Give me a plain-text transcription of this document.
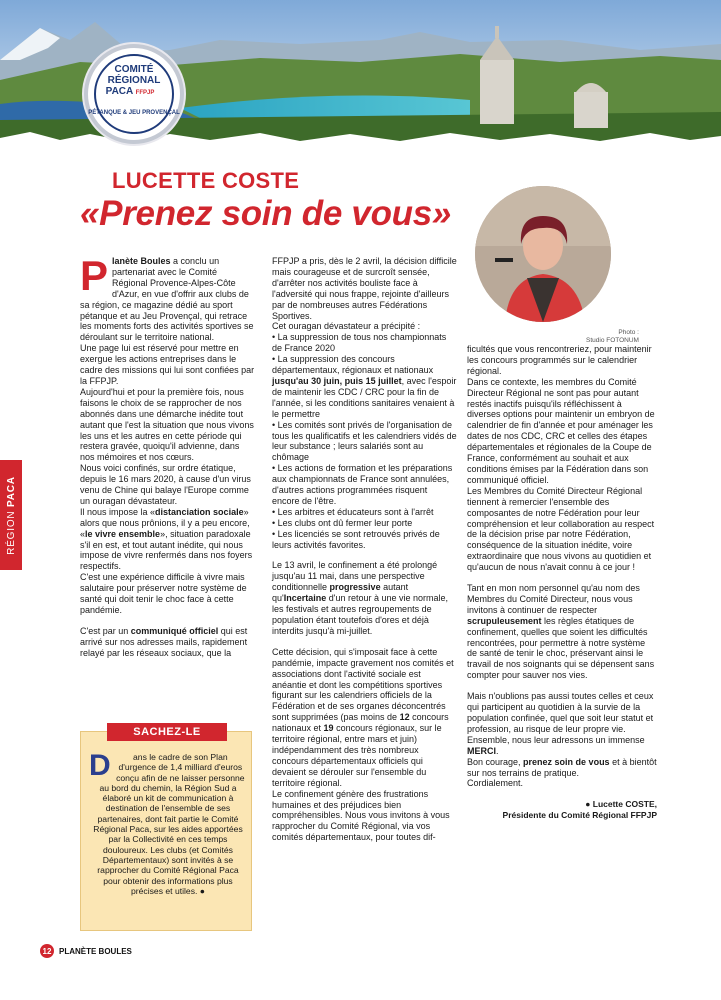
COMITÉ
RÉGIONAL
PACA FFPJP
PÉTANQUE & JEU PROVENÇAL
RÉGION PACA
LUCETTE COSTE
«Prenez soin de vous»
Photo :
Studio FOTONUM

Planète Boules a conclu un partenariat avec le Comité Régional Provence-Alpes-Côte d'Azur, en vue d'offrir aux clubs de sa région, ce magazine dédié au sport pétanque et au Jeu Provençal, qui retrace les moments forts des activités sportives se déroulant sur le territoire national.

Une page lui est réservé pour mettre en exergue les actions entreprises dans le cadre des missions qui lui sont confiées par la FFPJP.

Aujourd'hui et pour la première fois, nous faisons le choix de se rapprocher de nos abonnés dans une démarche inédite tout autant que l'est la situation que nous vivons les uns et les autres en cette période qui restera gravée, quoiqu'il advienne, dans nos mémoires et nos cœurs.

Nous voici confinés, sur ordre étatique, depuis le 16 mars 2020, à cause d'un virus venu de Chine qui balaye l'Europe comme un ouragan dévastateur.

Il nous impose la «distanciation sociale» alors que nous prônions, il y a peu encore, «le vivre ensemble», situation paradoxale s'il en est, et tout autant inédite, qui nous impose de vivre renfermés dans nos foyers respectifs.

C'est une expérience difficile à vivre mais salutaire pour préserver notre système de santé qui doit tenir le choc face à cette pandémie.

C'est par un communiqué officiel qui est arrivé sur nos adresses mails, rapidement relayé par les réseaux sociaux, que la

SACHEZ-LE
D	ans le cadre de son Plan d'urgence de 1,4 milliard d'euros conçu afin de ne laisser personne au bord du chemin, la Région Sud a élaboré un kit de communication à destination de l'ensemble de ses partenaires, dont fait partie le Comité Régional Paca, sur les aides apportées par la Collectivité en ces temps douloureux. Les clubs (et Comités Départementaux) sont invités à se rapprocher du Comité Régional Paca pour obtenir des informations plus précises et utiles. ●

FFPJP a pris, dès le 2 avril, la décision difficile mais courageuse et de surcroît sensée, d'arrêter nos activités bouliste face à l'adversité qui nous frappe, rejointe d'ailleurs par de nombreuses autres Fédérations Sportives.

Cet ouragan dévastateur a précipité :

• La suppression de tous nos championnats de France 2020

• La suppression des concours départementaux, régionaux et nationaux jusqu'au 30 juin, puis 15 juillet, avec l'espoir de maintenir les CDC / CRC pour la fin de l'année, si les conditions sanitaires venaient à le permettre

• Les comités sont privés de l'organisation de tous les qualificatifs et les calendriers vidés de leur substance ; leurs salariés sont au chômage

• Les actions de formation et les préparations aux championnats de France sont annulées, d'autres actions programmées risquent encore de l'être.

• Les arbitres et éducateurs sont à l'arrêt

• Les clubs ont dû fermer leur porte

• Les licenciés se sont retrouvés privés de leurs activités favorites.

Le 13 avril, le confinement a été prolongé jusqu'au 11 mai, dans une perspective conditionnelle progressive autant qu'Incertaine d'un retour à une vie normale, les festivals et autres regroupements de population étant toutefois d'ores et déjà interdits jusqu'à mi-juillet.

Cette décision, qui s'imposait face à cette pandémie, impacte gravement nos comités et associations dont l'activité sociale est anéantie et dont les compétitions sportives figurant sur les calendriers officiels de la Fédération et de ses organes déconcentrés sont supprimées (pas moins de 12 concours nationaux et 19 concours régionaux, sur le territoire régional, entre mars et juin) indépendamment des très nombreux concours départementaux officiels qui devaient se dérouler sur l'ensemble du territoire régional.

Le confinement génère des frustrations humaines et des préjudices bien compréhensibles. Nous vous invitons à vous rapprocher du Comité Régional, via vos comités départementaux, pour toutes dif-

ficultés que vous rencontreriez, pour maintenir les concours programmés sur le calendrier régional.

Dans ce contexte, les membres du Comité Directeur Régional ne sont pas pour autant restés inactifs puisqu'ils réfléchissent à diverses options pour maintenir un embryon de calendrier de fin d'année et pour aménager les dates de nos CDC, CRC et celles des étapes départementales et régionales de la Coupe de France, conformément au souhait et aux conditions émises par la Fédération dans son communiqué officiel.

Les Membres du Comité Directeur Régional tiennent à remercier l'ensemble des composantes de notre Fédération pour leur compréhension et leur collaboration au respect de la décision prise par notre Fédération, conséquence de la situation inédite, voire extraordinaire que nous vivons au quotidien et qu'aucun de nous n'avait connu à ce jour !

Tant en mon nom personnel qu'au nom des Membres du Comité Directeur, nous vous invitons à continuer de respecter scrupuleusement les règles étatiques de confinement, quelles que soient les difficultés rencontrées, pour permettre à notre système de santé de tenir le choc, préservant ainsi le travail de nos soignants qui se dépensent sans compter pour sauver nos vies.

Mais n'oublions pas aussi toutes celles et ceux qui participent au quotidien à la survie de la population confinée, quel que soit leur statut et profession, au risque de leur propre vie. Ensemble, nous leur adressons un immense MERCI.

Bon courage, prenez soin de vous et à bientôt sur nos terrains de pratique.

Cordialement.

● Lucette COSTE,

Présidente du Comité Régional FFPJP

12 PLANÈTE BOULES
